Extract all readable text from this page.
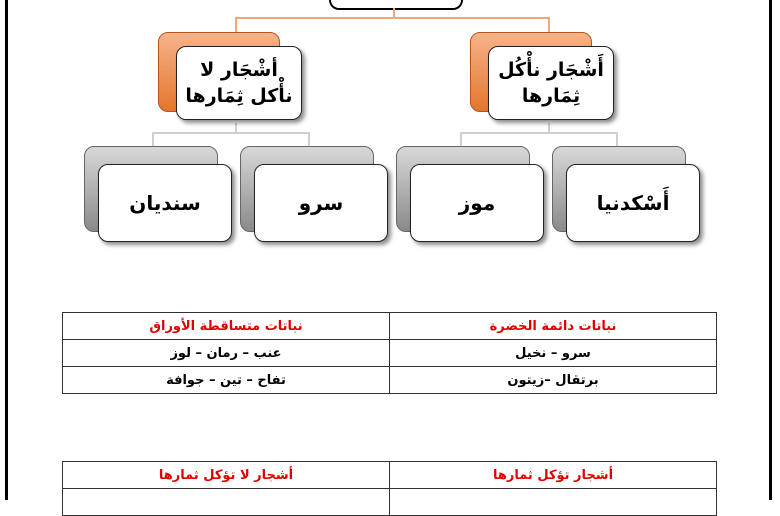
أَشْجَار نأْكُل
ثِمَارها
أشْجَار لا
نأْكل ثِمَارها
أَسْكدنيا
موز
سرو
سنديان
نباتات دائمة الخضرة	نباتات متساقطة الأوراق
سرو – نخيل	عنب – رمان – لوز
برتقال –زيتون	تفاح – تين – جوافة
أشجار تؤكل ثمارها	أشجار لا تؤكل ثمارها
